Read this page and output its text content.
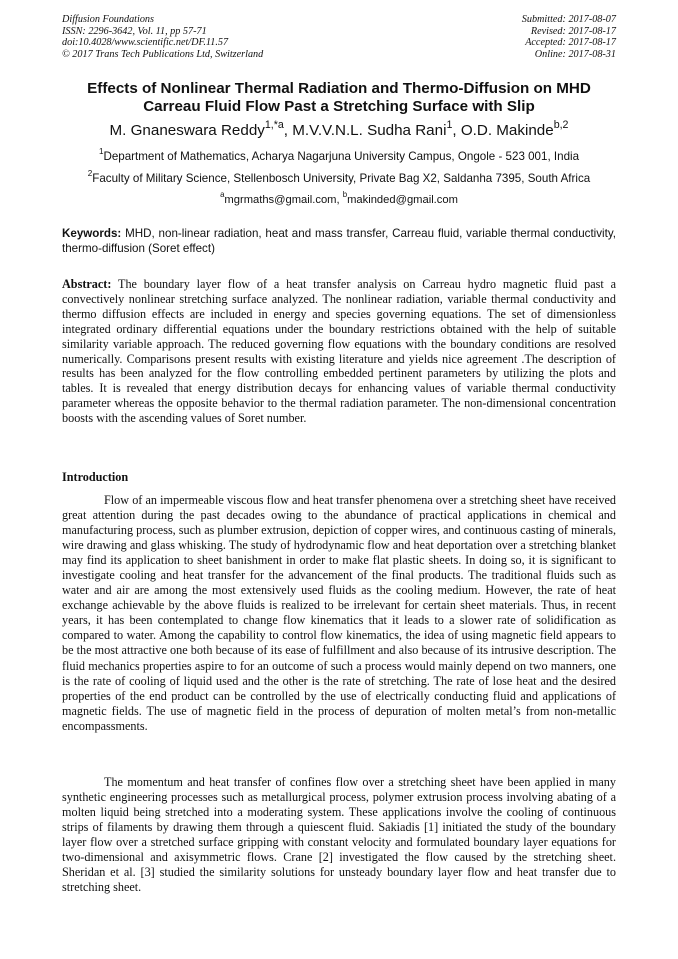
Diffusion Foundations
ISSN: 2296-3642, Vol. 11, pp 57-71
doi:10.4028/www.scientific.net/DF.11.57
© 2017 Trans Tech Publications Ltd, Switzerland
Submitted: 2017-08-07
Revised: 2017-08-17
Accepted: 2017-08-17
Online: 2017-08-31
Effects of Nonlinear Thermal Radiation and Thermo-Diffusion on MHD
Carreau Fluid Flow Past a Stretching Surface with Slip
M. Gnaneswara Reddy$^{1,*a}$, M.V.V.N.L. Sudha Rani$^1$, O.D. Makinde$^{b,2}$
$^1$Department of Mathematics, Acharya Nagarjuna University Campus, Ongole - 523 001, India
$^2$Faculty of Military Science, Stellenbosch University, Private Bag X2, Saldanha 7395, South Africa
$^a$mgrmaths@gmail.com, $^b$makinded@gmail.com
Keywords: MHD, non-linear radiation, heat and mass transfer, Carreau fluid, variable thermal conductivity, thermo-diffusion (Soret effect)
Abstract: The boundary layer flow of a heat transfer analysis on Carreau hydro magnetic fluid past a convectively nonlinear stretching surface analyzed. The nonlinear radiation, variable thermal conductivity and thermo diffusion effects are included in energy and species governing equations. The set of dimensionless integrated ordinary differential equations under the boundary restrictions obtained with the help of suitable similarity variable approach. The reduced governing flow equations with the boundary conditions are resolved numerically. Comparisons present results with existing literature and yields nice agreement .The description of results has been analyzed for the flow controlling embedded pertinent parameters by utilizing the plots and tables. It is revealed that energy distribution decays for enhancing values of variable thermal conductivity parameter whereas the opposite behavior to the thermal radiation parameter. The non-dimensional concentration boosts with the ascending values of Soret number.
Introduction
Flow of an impermeable viscous flow and heat transfer phenomena over a stretching sheet have received great attention during the past decades owing to the abundance of practical applications in chemical and manufacturing process, such as plumber extrusion, depiction of copper wires, and continuous casting of minerals, wire drawing and glass whisking. The study of hydrodynamic flow and heat deportation over a stretching blanket may find its application to sheet banishment in order to make flat plastic sheets. In doing so, it is significant to investigate cooling and heat transfer for the advancement of the final products. The traditional fluids such as water and air are among the most extensively used fluids as the cooling medium. However, the rate of heat exchange achievable by the above fluids is realized to be irrelevant for certain sheet materials. Thus, in recent years, it has been contemplated to change flow kinematics that it leads to a slower rate of solidification as compared to water. Among the capability to control flow kinematics, the idea of using magnetic field appears to be the most attractive one both because of its ease of fulfillment and also because of its intrusive description. The fluid mechanics properties aspire to for an outcome of such a process would mainly depend on two manners, one is the rate of cooling of liquid used and the other is the rate of stretching. The rate of lose heat and the desired properties of the end product can be controlled by the use of electrically conducting fluid and applications of magnetic fields. The use of magnetic field in the process of depuration of molten metal’s from non-metallic encompassments.
The momentum and heat transfer of confines flow over a stretching sheet have been applied in many synthetic engineering processes such as metallurgical process, polymer extrusion process involving abating of a molten liquid being stretched into a moderating system. These applications involve the cooling of continuous strips of filaments by drawing them through a quiescent fluid. Sakiadis [1] initiated the study of the boundary layer flow over a stretched surface gripping with constant velocity and formulated boundary layer equations for two-dimensional and axisymmetric flows. Crane [2] investigated the flow caused by the stretching sheet. Sheridan et al. [3] studied the similarity solutions for unsteady boundary layer flow and heat transfer due to stretching sheet.
